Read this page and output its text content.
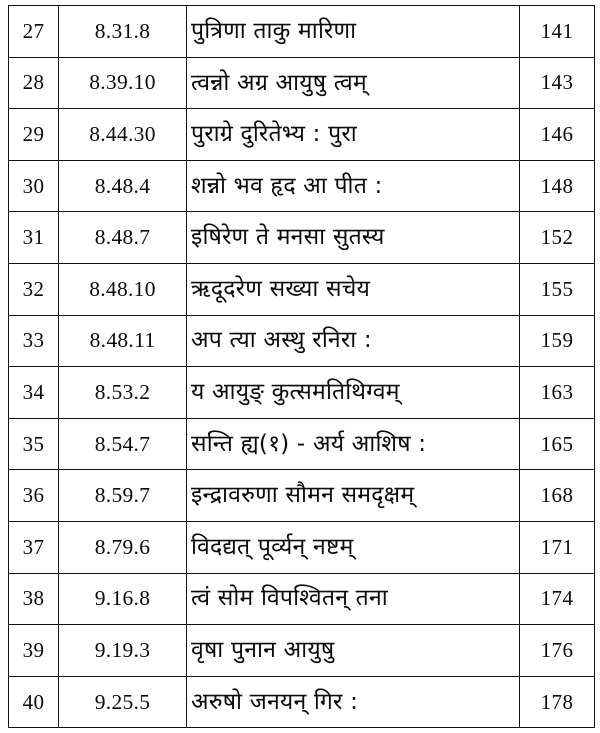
27	8.31.8	पुत्रिणा ताकु मारिणा	141
28	8.39.10	त्वन्नो अग्र आयुषु त्वम्	143
29	8.44.30	पुराग्रे दुरितेभ्य : पुरा	146
30	8.48.4	शन्नो भव हृद आ पीत :	148
31	8.48.7	इषिरेण ते मनसा सुतस्य	152
32	8.48.10	ऋदूदरेण सख्या सचेय	155
33	8.48.11	अप त्या अस्थु रनिरा :	159
34	8.53.2	य आयुङ् कुत्समतिथिग्वम्	163
35	8.54.7	सन्ति ह्य(१) - अर्य आशिष :	165
36	8.59.7	इन्द्रावरुणा सौमन समदृक्षम्	168
37	8.79.6	विदद्यत् पूर्व्यन् नष्टम्	171
38	9.16.8	त्वं सोम विपश्वितन् तना	174
39	9.19.3	वृषा पुनान आयुषु	176
40	9.25.5	अरुषो जनयन् गिर :	178
